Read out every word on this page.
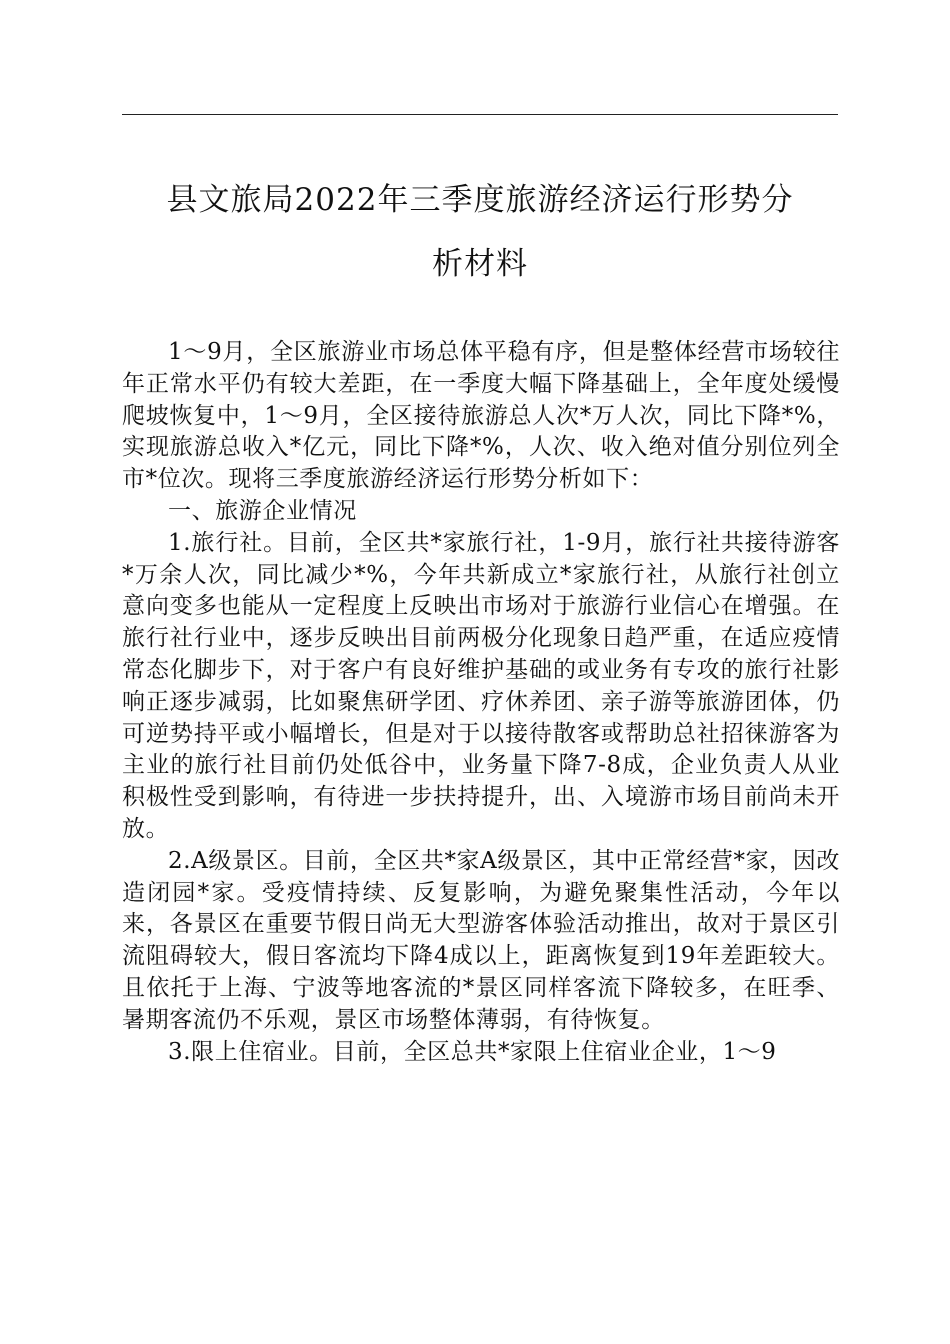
县文旅局2022年三季度旅游经济运行形势分
析材料

1～9月，全区旅游业市场总体平稳有序，但是整体经营市场较往年正常水平仍有较大差距，在一季度大幅下降基础上，全年度处缓慢爬坡恢复中，1～9月，全区接待旅游总人次*万人次，同比下降*%，实现旅游总收入*亿元，同比下降*%，人次、收入绝对值分别位列全市*位次。现将三季度旅游经济运行形势分析如下：

一、旅游企业情况

1.旅行社。目前，全区共*家旅行社，1-9月，旅行社共接待游客*万余人次，同比减少*%，今年共新成立*家旅行社，从旅行社创立意向变多也能从一定程度上反映出市场对于旅游行业信心在增强。在旅行社行业中，逐步反映出目前两极分化现象日趋严重，在适应疫情常态化脚步下，对于客户有良好维护基础的或业务有专攻的旅行社影响正逐步减弱，比如聚焦研学团、疗休养团、亲子游等旅游团体，仍可逆势持平或小幅增长，但是对于以接待散客或帮助总社招徕游客为主业的旅行社目前仍处低谷中，业务量下降7-8成，企业负责人从业积极性受到影响，有待进一步扶持提升，出、入境游市场目前尚未开放。

2.A级景区。目前，全区共*家A级景区，其中正常经营*家，因改造闭园*家。受疫情持续、反复影响，为避免聚集性活动，今年以来，各景区在重要节假日尚无大型游客体验活动推出，故对于景区引流阻碍较大，假日客流均下降4成以上，距离恢复到19年差距较大。且依托于上海、宁波等地客流的*景区同样客流下降较多，在旺季、暑期客流仍不乐观，景区市场整体薄弱，有待恢复。

3.限上住宿业。目前，全区总共*家限上住宿业企业，1～9
